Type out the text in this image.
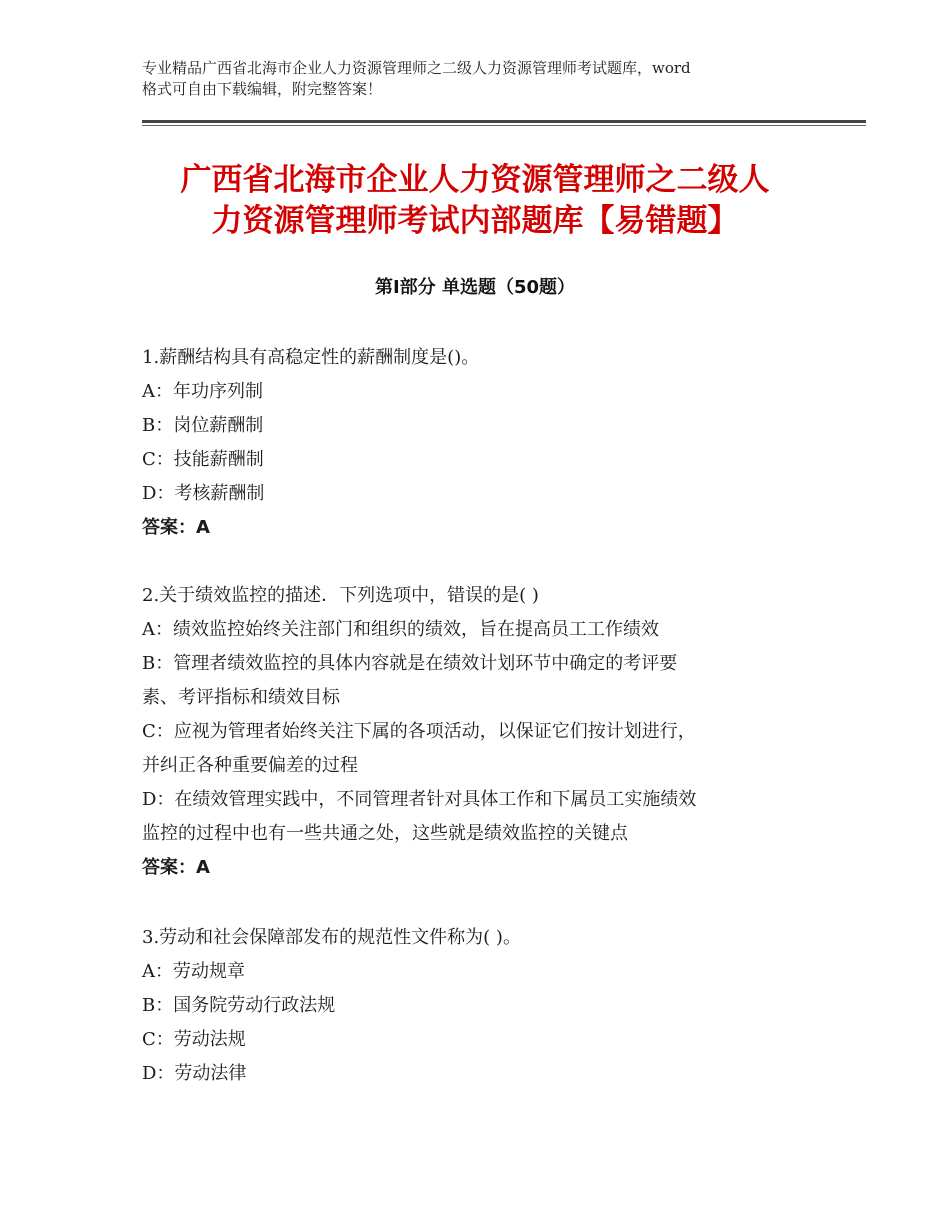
专业精品广西省北海市企业人力资源管理师之二级人力资源管理师考试题库，word
格式可自由下载编辑，附完整答案！
广西省北海市企业人力资源管理师之二级人
力资源管理师考试内部题库【易错题】
第Ⅰ部分 单选题（50题）
1.薪酬结构具有高稳定性的薪酬制度是()。
A：年功序列制
B：岗位薪酬制
C：技能薪酬制
D：考核薪酬制
答案：A
2.关于绩效监控的描述．下列选项中，错误的是( )
A：绩效监控始终关注部门和组织的绩效，旨在提高员工工作绩效
B：管理者绩效监控的具体内容就是在绩效计划环节中确定的考评要
素、考评指标和绩效目标
C：应视为管理者始终关注下属的各项活动，以保证它们按计划进行，
并纠正各种重要偏差的过程
D：在绩效管理实践中，不同管理者针对具体工作和下属员工实施绩效
监控的过程中也有一些共通之处，这些就是绩效监控的关键点
答案：A
3.劳动和社会保障部发布的规范性文件称为( )。
A：劳动规章
B：国务院劳动行政法规
C：劳动法规
D：劳动法律
